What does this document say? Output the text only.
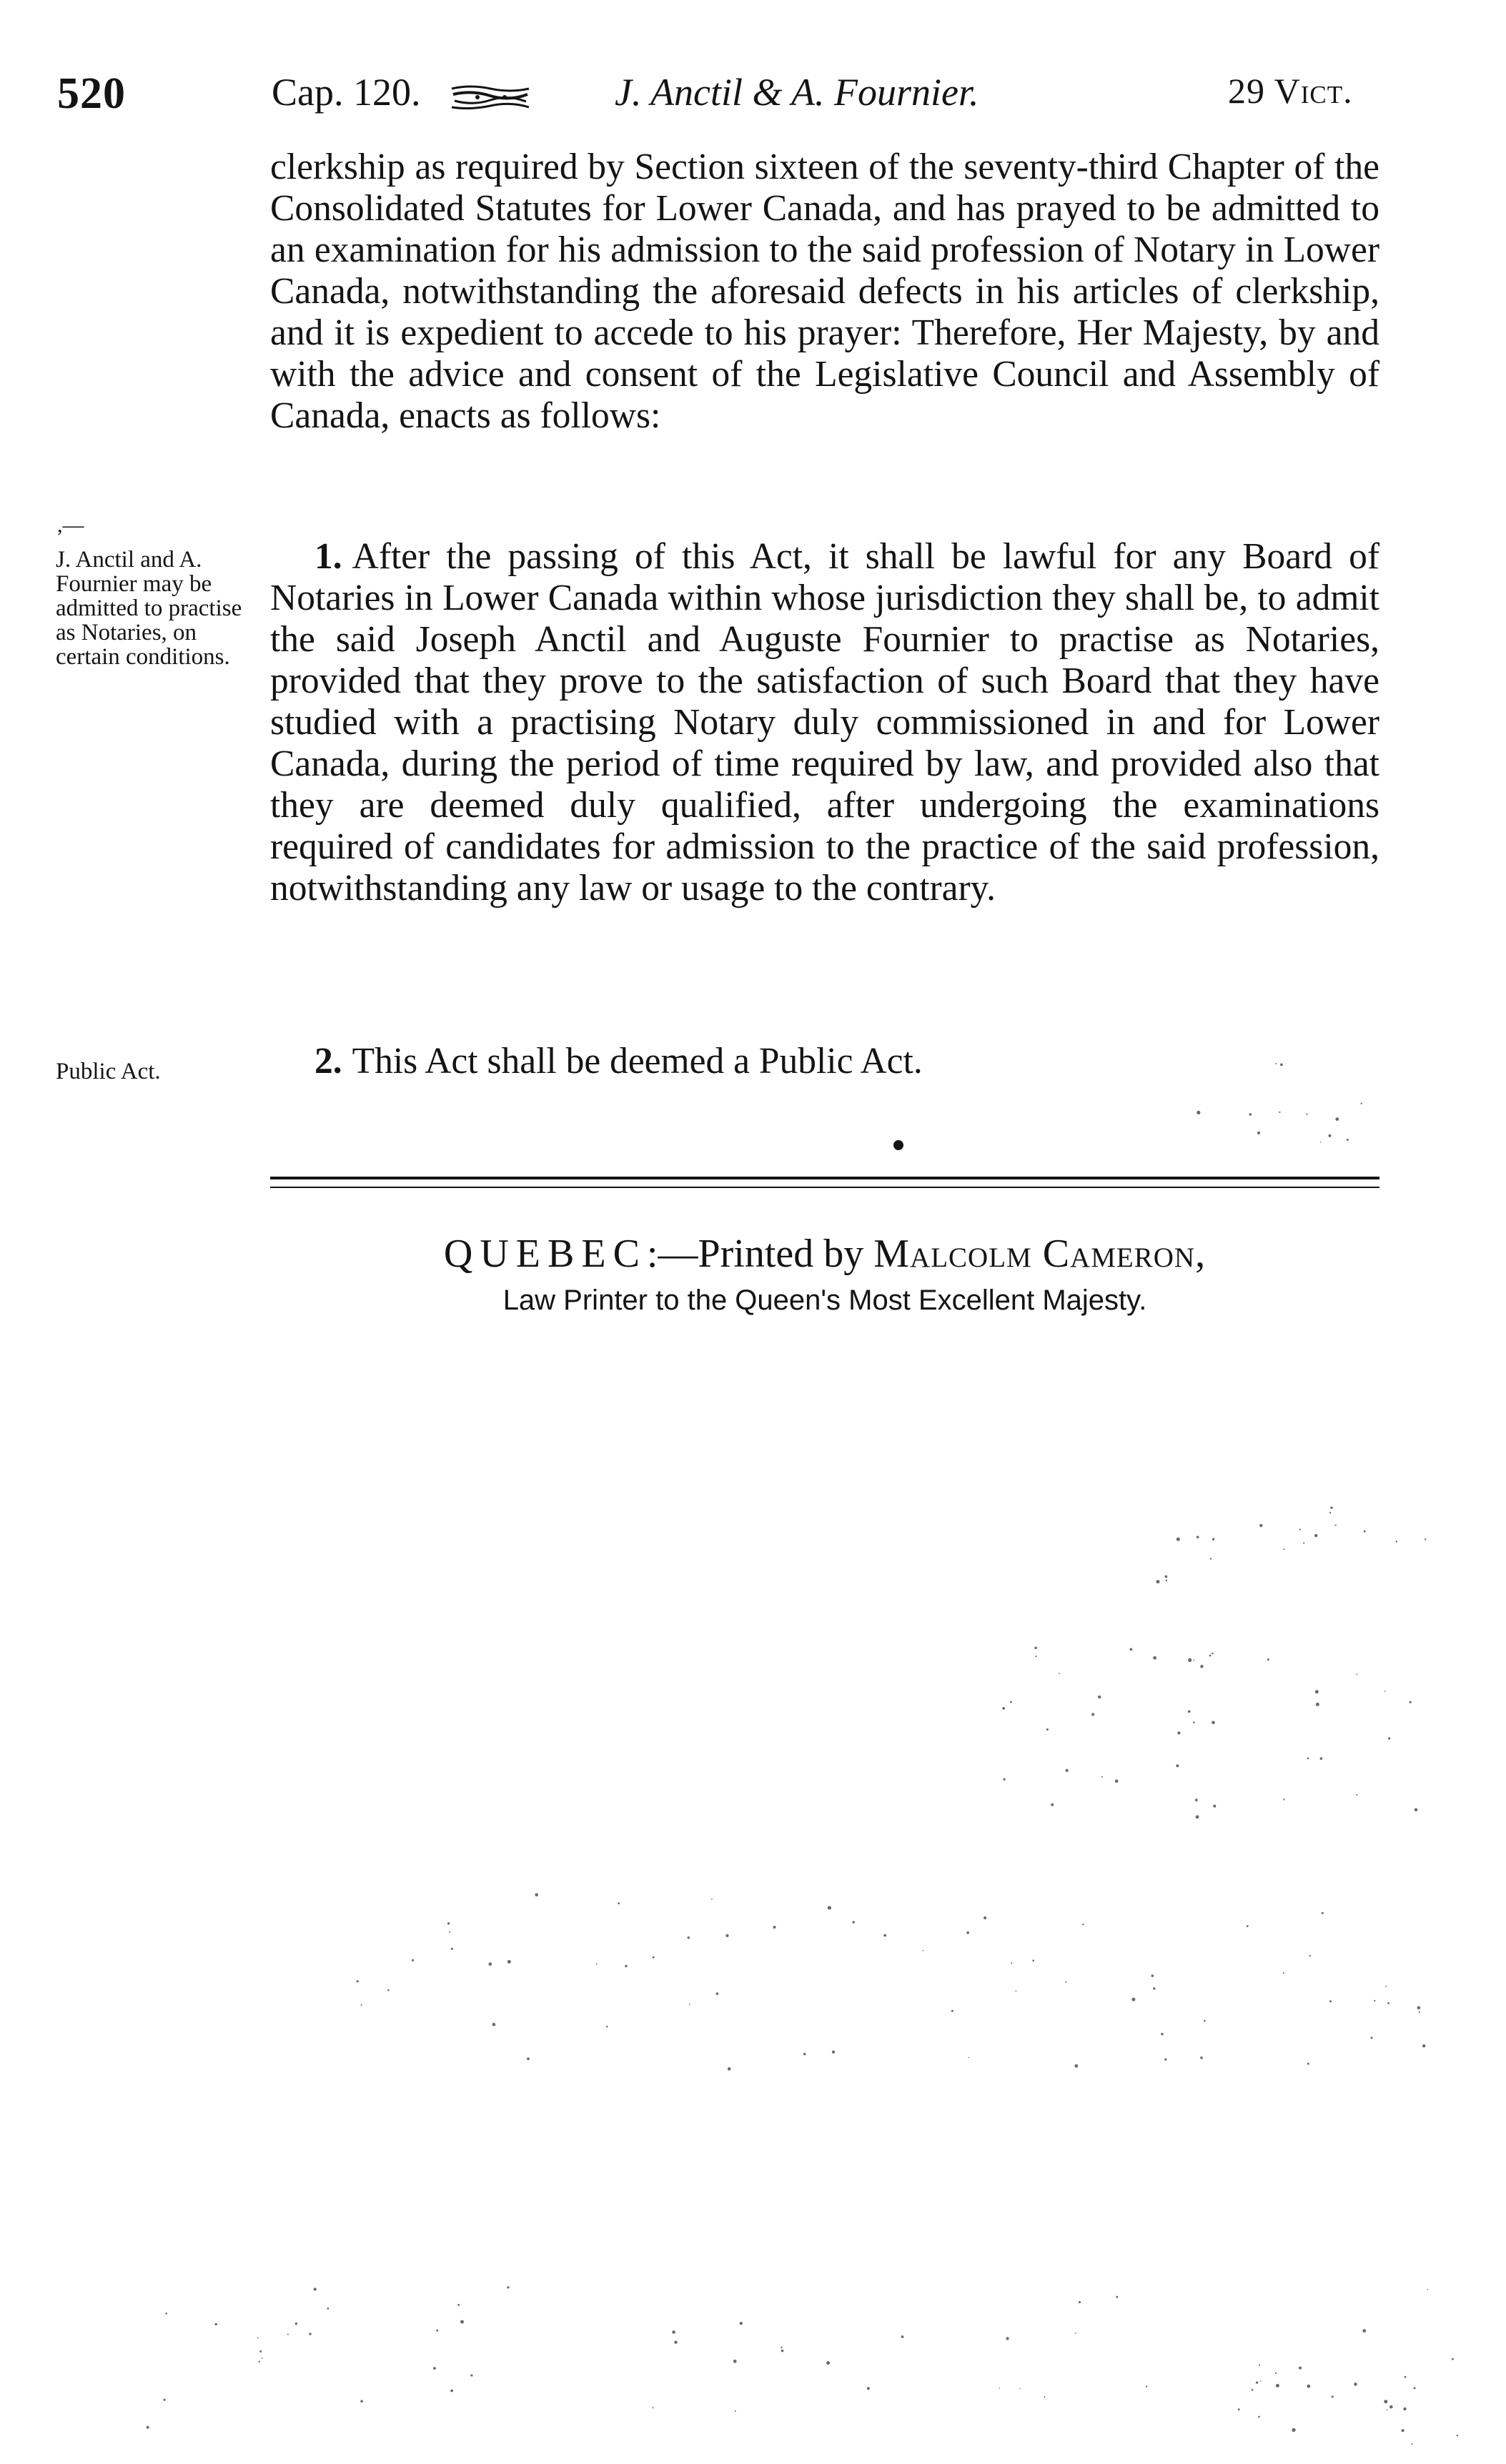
520	Cap. 120.	J. Anctil & A. Fournier.	29 Vict.

clerkship as required by Section sixteen of the seventy-third Chapter of the Consolidated Statutes for Lower Canada, and has prayed to be admitted to an examination for his admission to the said profession of Notary in Lower Canada, notwithstanding the aforesaid defects in his articles of clerkship, and it is expedient to accede to his prayer: Therefore, Her Majesty, by and with the advice and consent of the Legislative Council and Assembly of Canada, enacts as follows:

,—

J. Anctil and A. Fournier may be admitted to practise as Notaries, on certain conditions.

1. After the passing of this Act, it shall be lawful for any Board of Notaries in Lower Canada within whose jurisdiction they shall be, to admit the said Joseph Anctil and Auguste Fournier to practise as Notaries, provided that they prove to the satisfaction of such Board that they have studied with a practising Notary duly commissioned in and for Lower Canada, during the period of time required by law, and provided also that they are deemed duly qualified, after undergoing the examinations required of candidates for admission to the practice of the said profession, notwithstanding any law or usage to the contrary.

Public Act.	2. This Act shall be deemed a Public Act.

QUEBEC:—Printed by Malcolm Cameron,
Law Printer to the Queen's Most Excellent Majesty.
